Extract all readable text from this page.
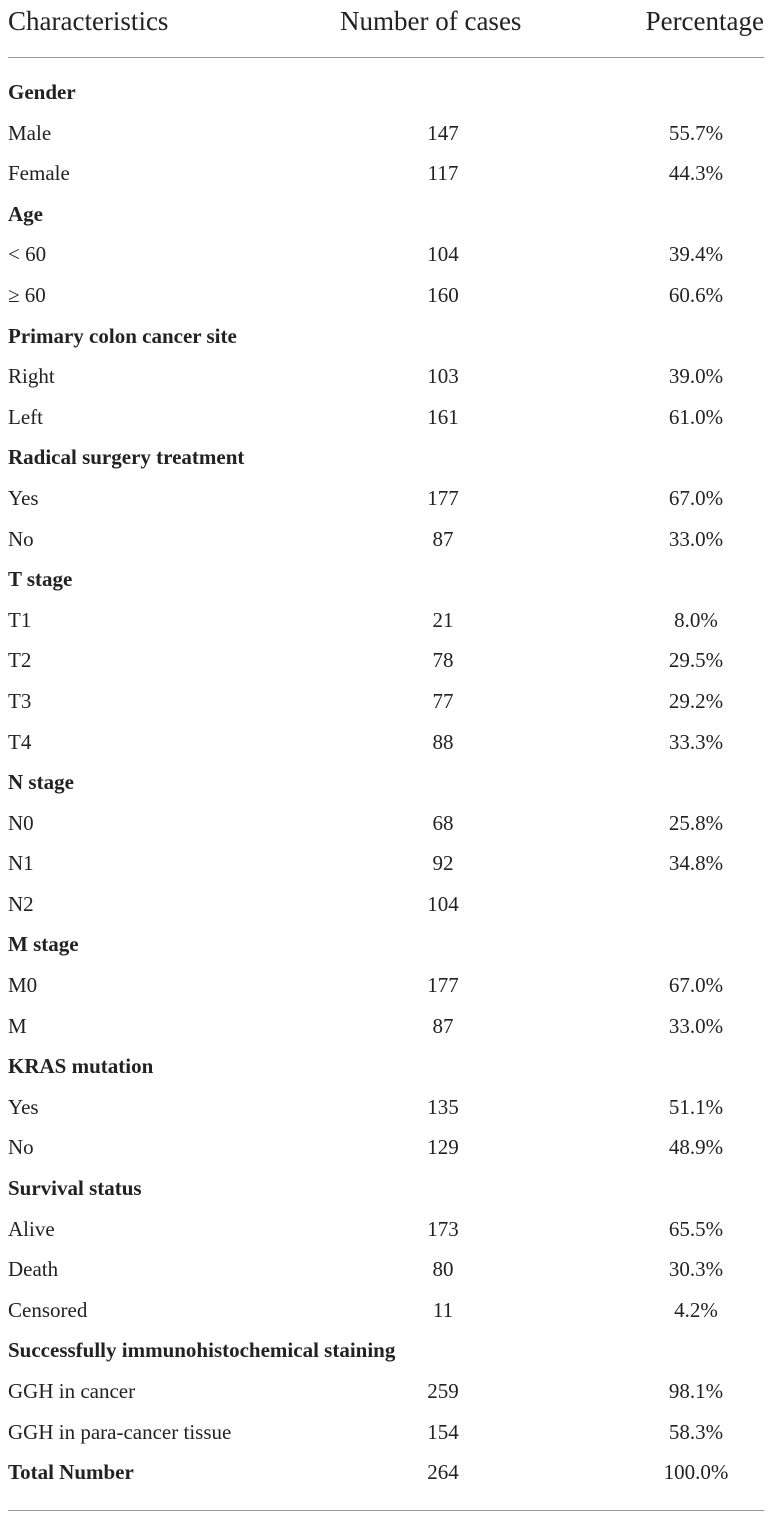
Characteristics	Number of cases	Percentage
Gender
Male	147	55.7%
Female	117	44.3%
Age
< 60	104	39.4%
≥ 60	160	60.6%
Primary colon cancer site
Right	103	39.0%
Left	161	61.0%
Radical surgery treatment
Yes	177	67.0%
No	87	33.0%
T stage
T1	21	8.0%
T2	78	29.5%
T3	77	29.2%
T4	88	33.3%
N stage
N0	68	25.8%
N1	92	34.8%
N2	104
M stage
M0	177	67.0%
M	87	33.0%
KRAS mutation
Yes	135	51.1%
No	129	48.9%
Survival status
Alive	173	65.5%
Death	80	30.3%
Censored	11	4.2%
Successfully immunohistochemical staining
GGH in cancer	259	98.1%
GGH in para-cancer tissue	154	58.3%
Total Number	264	100.0%
